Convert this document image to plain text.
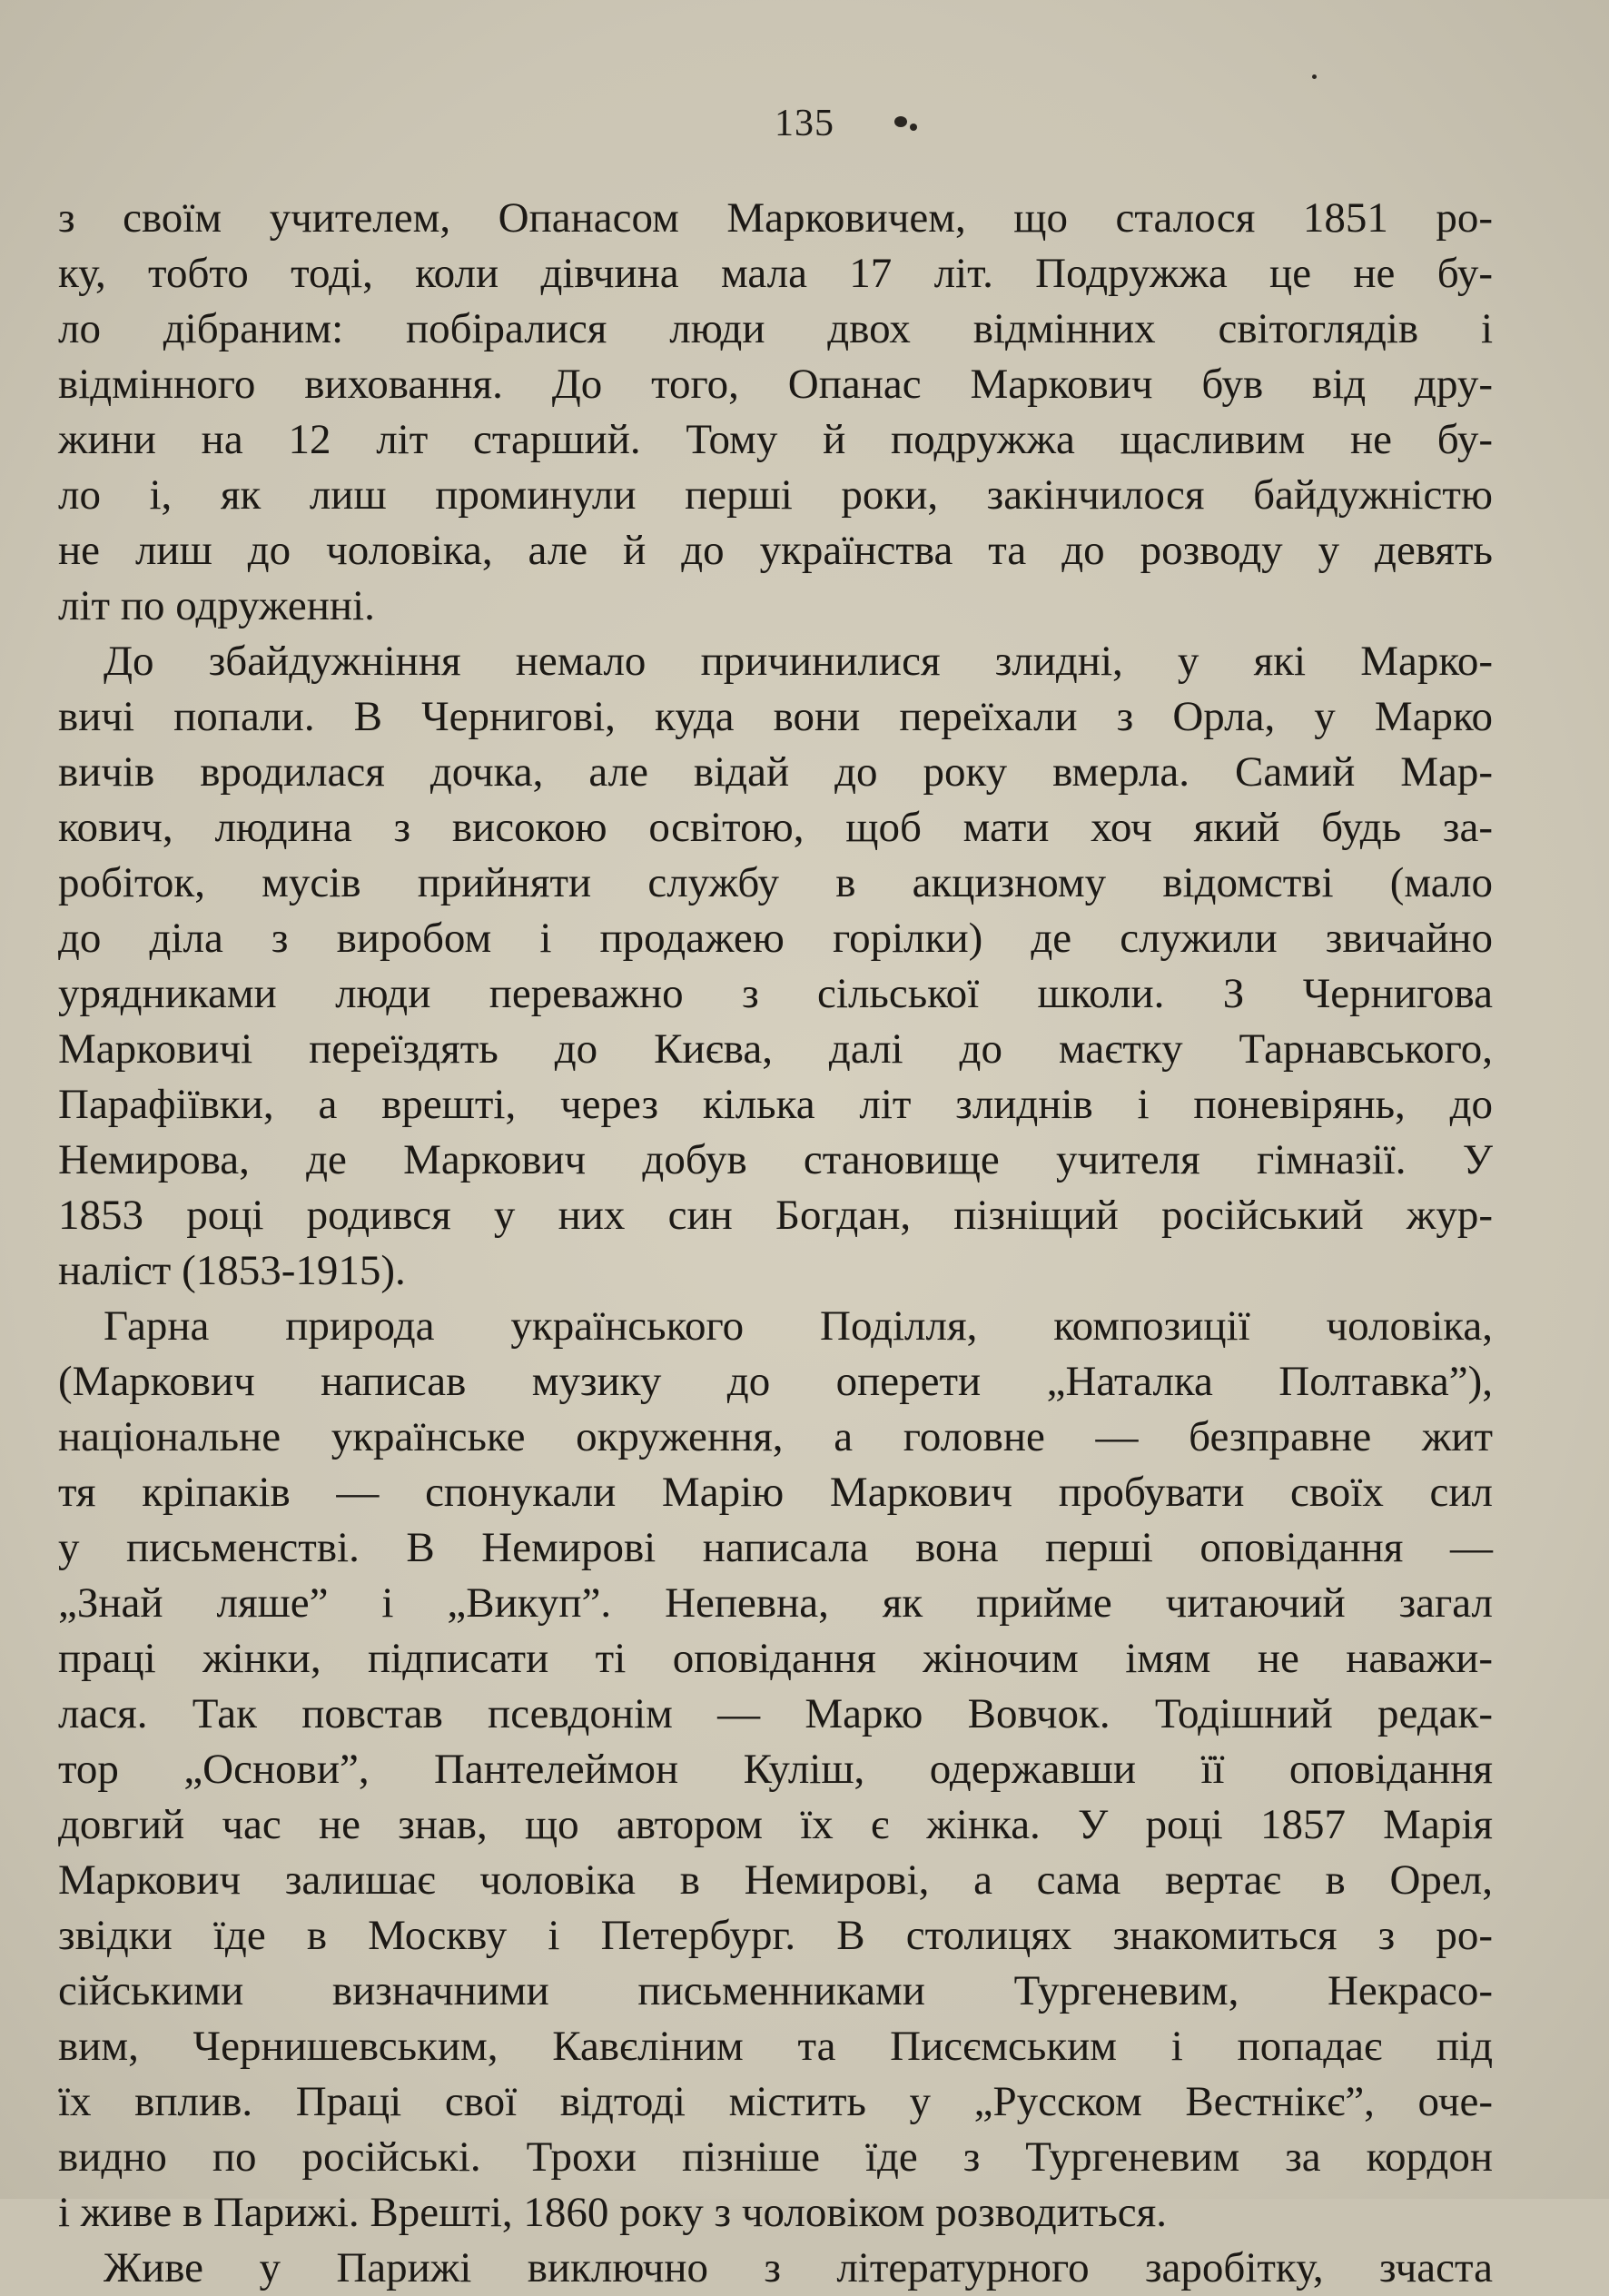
135

з своїм учителем, Опанасом Марковичем, що сталося 1851 ро-

ку, тобто тоді, коли дівчина мала 17 літ. Подружжа це не бу-

ло дібраним: побіралися люди двох відмінних світоглядів і

відмінного виховання. До того, Опанас Маркович був від дру-

жини на 12 літ старший. Тому й подружжа щасливим не бу-

ло і, як лиш проминули перші роки, закінчилося байдужністю

не лиш до чоловіка, але й до українства та до розводу у девять

літ по одруженні.

До збайдужніння немало причинилися злидні, у які Марко-

вичі попали. В Чернигові, куда вони переїхали з Орла, у Марко

вичів вродилася дочка, але відай до року вмерла. Самий Мар-

кович, людина з високою освітою, щоб мати хоч який будь за-

робіток, мусів прийняти службу в акцизному відомстві (мало

до діла з виробом і продажею горілки) де служили звичайно

урядниками люди переважно з сільської школи. З Чернигова

Марковичі переїздять до Києва, далі до маєтку Тарнавського,

Парафіївки, а врешті, через кілька літ злиднів і поневірянь, до

Немирова, де Маркович добув становище учителя гімназії. У

1853 році родився у них син Богдан, пізніщий російський жур-

наліст (1853-1915).

Гарна природа українського Поділля, композиції чоловіка,

(Маркович написав музику до оперети „Наталка Полтавка”),

національне українське окруження, а головне — безправне жит

тя кріпаків — спонукали Марію Маркович пробувати своїх сил

у письменстві. В Немирові написала вона перші оповідання —

„Знай ляше” і „Викуп”. Непевна, як прийме читаючий загал

праці жінки, підписати ті оповідання жіночим імям не наважи-

лася. Так повстав псевдонім — Марко Вовчок. Тодішний редак-

тор „Основи”, Пантелеймон Куліш, одержавши її оповідання

довгий час не знав, що автором їх є жінка. У році 1857 Марія

Маркович залишає чоловіка в Немирові, а сама вертає в Орел,

звідки їде в Москву і Петербург. В столицях знакомиться з ро-

сійськими визначними письменниками Тургеневим, Некрасо-

вим, Чернишевським, Кавєліним та Писємським і попадає під

їх вплив. Праці свої відтоді містить у „Русском Вестнікє”, оче-

видно по російські. Трохи пізніше їде з Тургеневим за кордон

і живе в Парижі. Врешті, 1860 року з чоловіком розводиться.

Живе у Парижі виключно з літературного заробітку, зчаста
